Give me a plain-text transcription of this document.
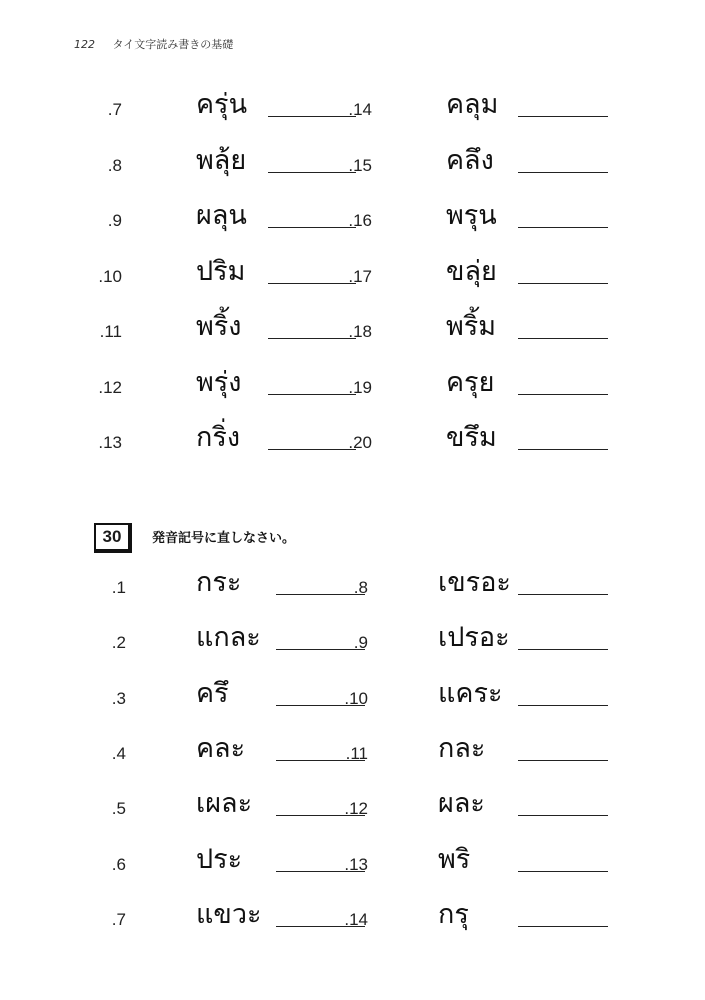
122 タイ文字読み書きの基礎
7.	ครุ่น
8.	พลุ้ย
9.	ผลุน
10.	ปริม
11.	พริ้ง
12.	พรุ่ง
13.	กริ่ง
14.	คลุม
15.	คลึง
16.	พรุน
17.	ขลุ่ย
18.	พริ้ม
19.	ครุย
20.	ขรึม
30	発音記号に直しなさい。
1.	กระ
2.	แกละ
3.	ครึ
4.	คละ
5.	เผละ
6.	ประ
7.	แขวะ
8.	เขรอะ
9.	เปรอะ
10.	แคระ
11.	กละ
12.	ผละ
13.	พริ
14.	กรุ
